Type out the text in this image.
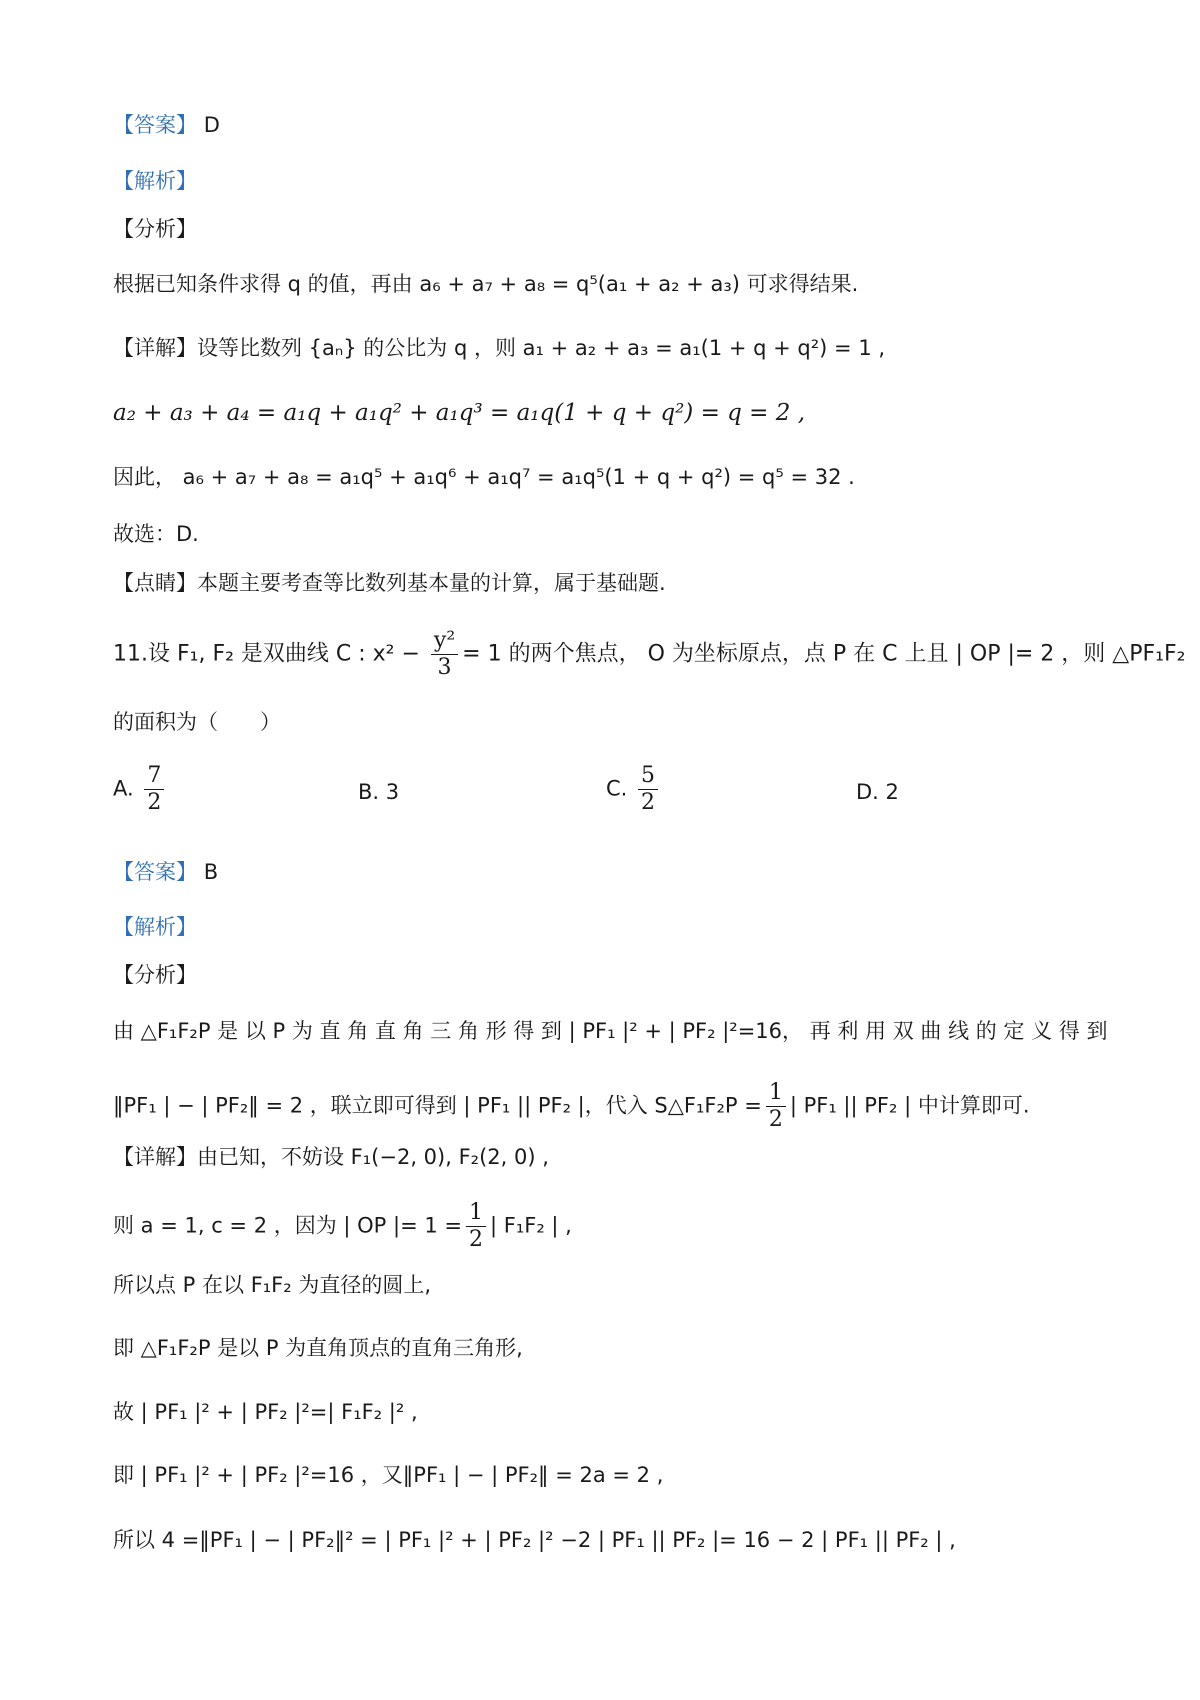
【答案】 D
【解析】
【分析】
根据已知条件求得 q 的值，再由 a₆ + a₇ + a₈ = q⁵(a₁ + a₂ + a₃) 可求得结果.
【详解】设等比数列 {aₙ} 的公比为 q ，则 a₁ + a₂ + a₃ = a₁(1 + q + q²) = 1 ,
a₂ + a₃ + a₄ = a₁q + a₁q² + a₁q³ = a₁q(1 + q + q²) = q = 2 ,
因此， a₆ + a₇ + a₈ = a₁q⁵ + a₁q⁶ + a₁q⁷ = a₁q⁵(1 + q + q²) = q⁵ = 32 .
故选：D.
【点睛】本题主要考查等比数列基本量的计算，属于基础题.
11.设 F₁, F₂ 是双曲线 C : $x^2 - \frac{\text{y²}}{3} = 1$ 的两个焦点， O 为坐标原点，点 P 在 C 上且 | OP |= 2 ，则 △PF₁F₂
的面积为（　　）
A. $\frac{7}{2}$	B. 3	C. $\frac{5}{2}$	D. 2
【答案】 B
【解析】
【分析】
由 △F₁F₂P 是 以 P 为 直 角 直 角 三 角 形 得 到 | PF₁ |² + | PF₂ |²=16， 再 利 用 双 曲 线 的 定 义 得 到
‖PF₁ | − | PF₂‖ = 2 ，联立即可得到 | PF₁ || PF₂ |，代入 S△F₁F₂P = $\frac{1}{2}$ | PF₁ || PF₂ | 中计算即可.
【详解】由已知，不妨设 F₁(−2, 0), F₂(2, 0) ,
则 a = 1, c = 2 ，因为 | OP |= $1 = \frac{1}{2}$ | F₁F₂ | ,
所以点 P 在以 F₁F₂ 为直径的圆上,
即 △F₁F₂P 是以 P 为直角顶点的直角三角形,
故 | PF₁ |² + | PF₂ |²=| F₁F₂ |² ,
即 | PF₁ |² + | PF₂ |²=16 ，又‖PF₁ | − | PF₂‖ = 2a = 2 ,
所以 4 =‖PF₁ | − | PF₂‖² = | PF₁ |² + | PF₂ |² −2 | PF₁ || PF₂ |= 16 − 2 | PF₁ || PF₂ | ,
